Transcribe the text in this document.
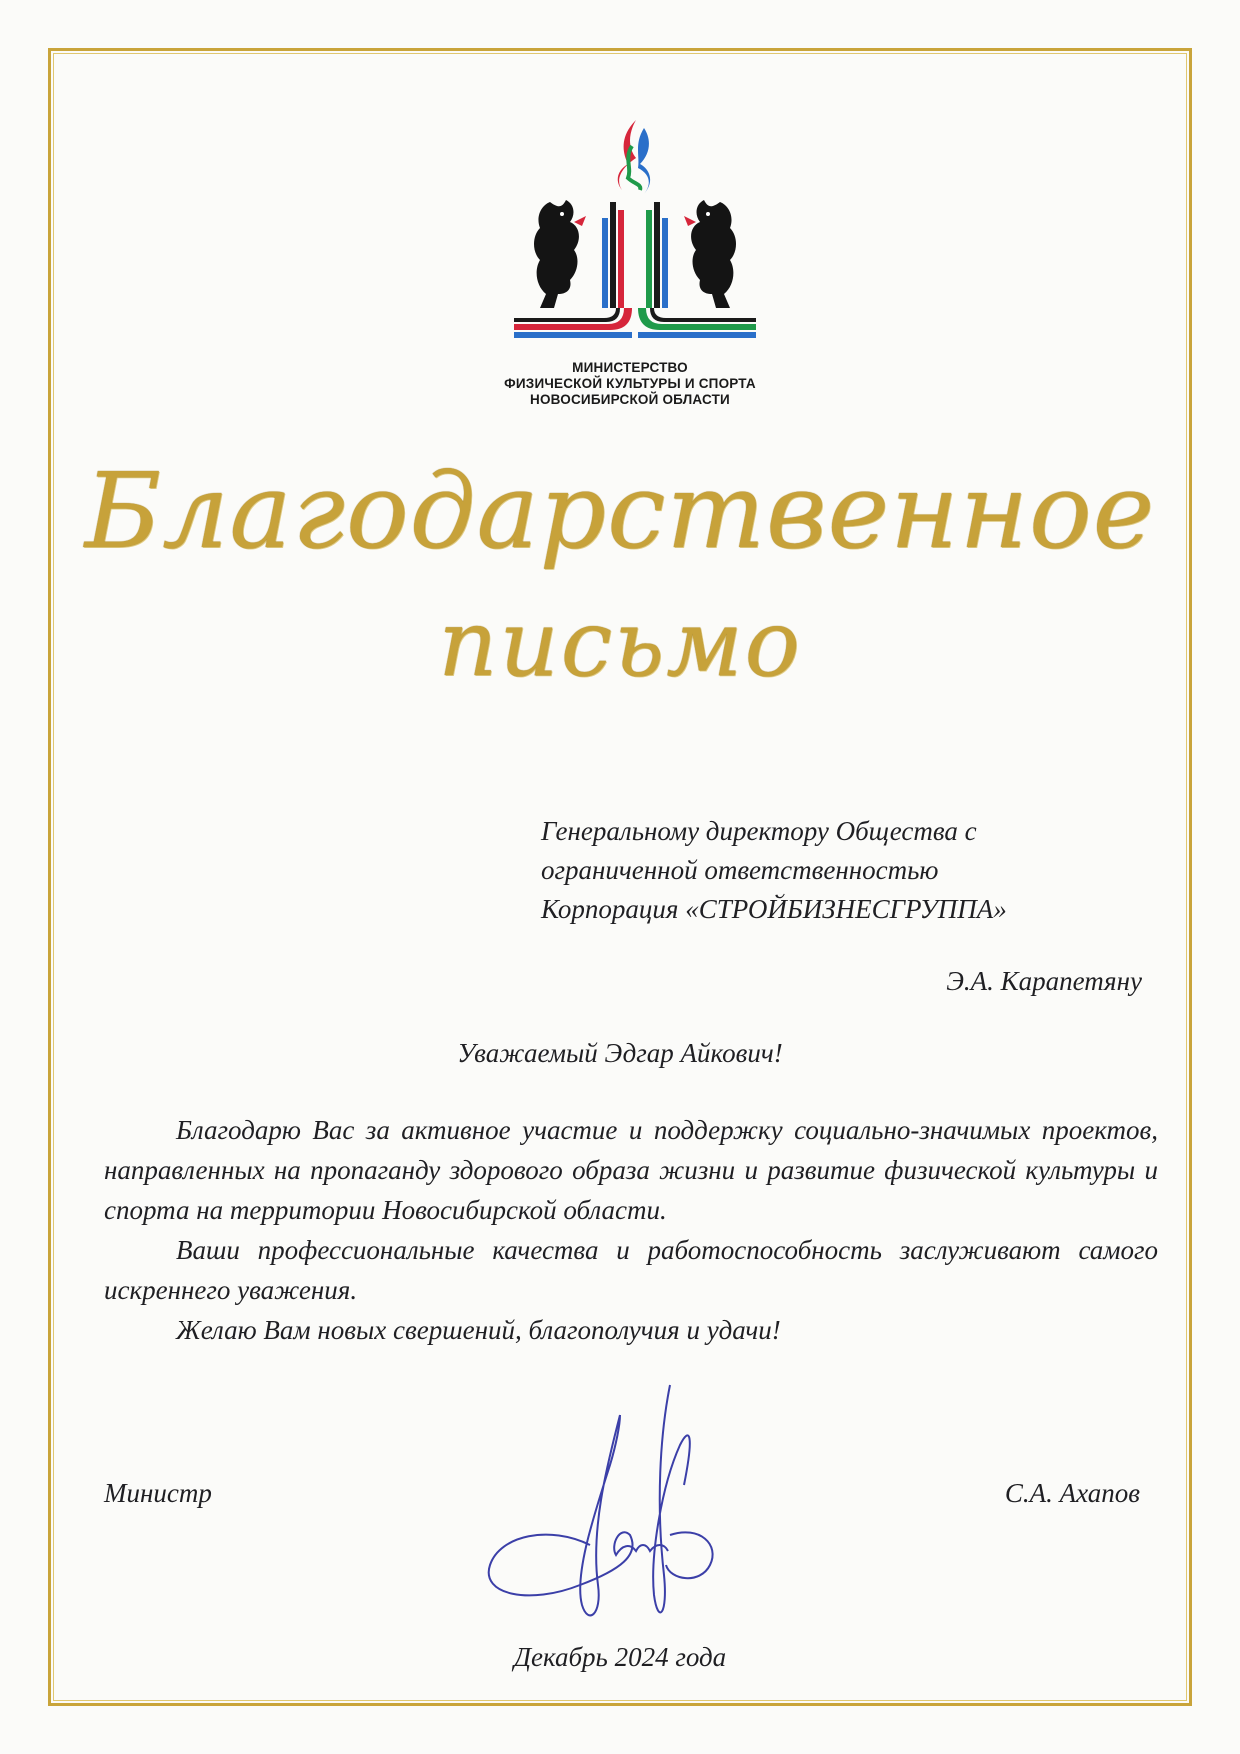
МИНИСТЕРСТВО
ФИЗИЧЕСКОЙ КУЛЬТУРЫ И СПОРТА
НОВОСИБИРСКОЙ ОБЛАСТИ
Благодарственное
письмо
Генеральному директору Общества с
ограниченной ответственностью
Корпорация «СТРОЙБИЗНЕСГРУППА»
Э.А. Карапетяну
Уважаемый Эдгар Айкович!

Благодарю Вас за активное участие и поддержку социально-значимых проектов, направленных на пропаганду здорового образа жизни и развитие физической культуры и спорта на территории Новосибирской области.

Ваши профессиональные качества и работоспособность заслуживают самого искреннего уважения.

Желаю Вам новых свершений, благополучия и удачи!

Министр	С.А. Ахапов
Декабрь 2024 года
